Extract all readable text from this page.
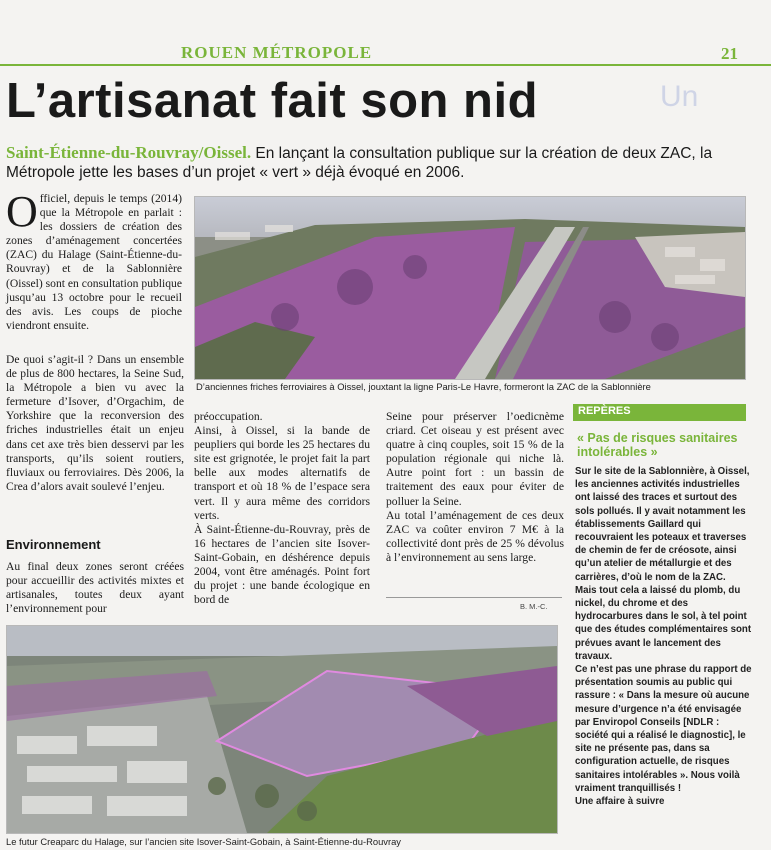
ROUEN MÉTROPOLE	21
Un
L’artisanat fait son nid
Saint-Étienne-du-Rouvray/Oissel. En lançant la consultation publique sur la création de deux ZAC, la Métropole jette les bases d’un projet « vert » déjà évoqué en 2006.
O fficiel, depuis le temps (2014) que la Métropole en parlait : les dossiers de création des zones d’aménagement concertées (ZAC) du Halage (Saint-Étienne-du-Rouvray) et de la Sablonnière (Oissel) sont en consultation publique jusqu’au 13 octobre pour le recueil des avis. Les coups de pioche viendront ensuite.

De quoi s’agit-il ? Dans un ensemble de plus de 800 hectares, la Seine Sud, la Métropole a bien vu avec la fermeture d’Isover, d’Orgachim, de Yorkshire que la reconversion des friches industrielles était un enjeu dans cet axe très bien desservi par les transports, qu’ils soient routiers, fluviaux ou ferroviaires. Dès 2006, la Crea d’alors avait soulevé l’enjeu.

Environnement

Au final deux zones seront créées pour accueillir des activités mixtes et artisanales, toutes deux ayant l’environnement pour

D’anciennes friches ferroviaires à Oissel, jouxtant la ligne Paris-Le Havre, formeront la ZAC de la Sablonnière

préoccupation.

Ainsi, à Oissel, si la bande de peupliers qui borde les 25 hectares du site est grignotée, le projet fait la part belle aux modes alternatifs de transport et où 18 % de l’espace sera vert. Il y aura même des corridors verts.

À Saint-Étienne-du-Rouvray, près de 16 hectares de l’ancien site Isover-Saint-Gobain, en déshérence depuis 2004, vont être aménagés. Point fort du projet : une bande écologique en bord de

Seine pour préserver l’oedicnème criard. Cet oiseau y est présent avec quatre à cinq couples, soit 15 % de la population régionale qui niche là. Autre point fort : un bassin de traitement des eaux pour éviter de polluer la Seine.

Au total l’aménagement de ces deux ZAC va coûter environ 7 M€ à la collectivité dont près de 25 % dévolus à l’environnement au sens large.

B. M.-C.
REPÈRES
« Pas de risques sanitaires intolérables »

Sur le site de la Sablonnière, à Oissel, les anciennes activités industrielles ont laissé des traces et surtout des sols pollués. Il y avait notamment les établissements Gaillard qui recouvraient les poteaux et traverses de chemin de fer de créosote, ainsi qu’un atelier de métallurgie et des carrières, d’où le nom de la ZAC.

Mais tout cela a laissé du plomb, du nickel, du chrome et des hydrocarbures dans le sol, à tel point que des études complémentaires sont prévues avant le lancement des travaux.

Ce n’est pas une phrase du rapport de présentation soumis au public qui rassure : « Dans la mesure où aucune mesure d’urgence n’a été envisagée par Enviropol Conseils [NDLR : société qui a réalisé le diagnostic], le site ne présente pas, dans sa configuration actuelle, de risques sanitaires intolérables ». Nous voilà vraiment tranquillisés !

Une affaire à suivre

Le futur Creaparc du Halage, sur l’ancien site Isover-Saint-Gobain, à Saint-Étienne-du-Rouvray
